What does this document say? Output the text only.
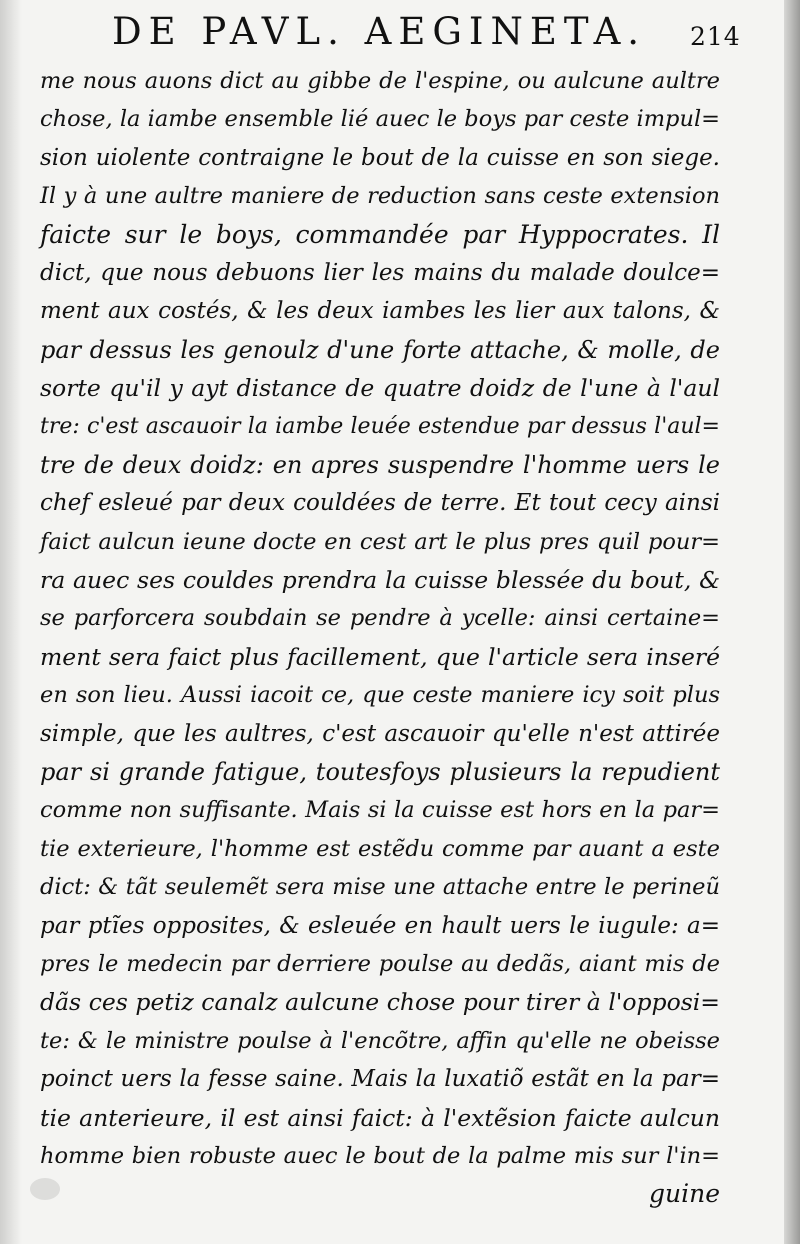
DE PAVL. AEGINETA. 214
me nous auons dict au gibbe de l'espine, ou aulcune aultre
chose, la iambe ensemble lié auec le boys par ceste impul=
sion uiolente contraigne le bout de la cuisse en son siege.
Il y à une aultre maniere de reduction sans ceste extension
faicte sur le boys, commandée par Hyppocrates. Il
dict, que nous debuons lier les mains du malade doulce=
ment aux costés, & les deux iambes les lier aux talons, &
par dessus les genoulz d'une forte attache, & molle, de
sorte qu'il y ayt distance de quatre doidz de l'une à l'aul
tre: c'est ascauoir la iambe leuée estendue par dessus l'aul=
tre de deux doidz: en apres suspendre l'homme uers le
chef esleué par deux couldées de terre. Et tout cecy ainsi
faict aulcun ieune docte en cest art le plus pres quil pour=
ra auec ses couldes prendra la cuisse blessée du bout, &
se parforcera soubdain se pendre à ycelle: ainsi certaine=
ment sera faict plus facillement, que l'article sera inseré
en son lieu. Aussi iacoit ce, que ceste maniere icy soit plus
simple, que les aultres, c'est ascauoir qu'elle n'est attirée
par si grande fatigue, toutesfoys plusieurs la repudient
comme non suffisante. Mais si la cuisse est hors en la par=
tie exterieure, l'homme est estẽdu comme par auant a este
dict: & tãt seulemẽt sera mise une attache entre le perineũ
par ptĩes opposites, & esleuée en hault uers le iugule: a=
pres le medecin par derriere poulse au dedãs, aiant mis de
dãs ces petiz canalz aulcune chose pour tirer à l'opposi=
te: & le ministre poulse à l'encõtre, affin qu'elle ne obeisse
poinct uers la fesse saine. Mais la luxatiõ estãt en la par=
tie anterieure, il est ainsi faict: à l'extẽsion faicte aulcun
homme bien robuste auec le bout de la palme mis sur l'in=
guine
